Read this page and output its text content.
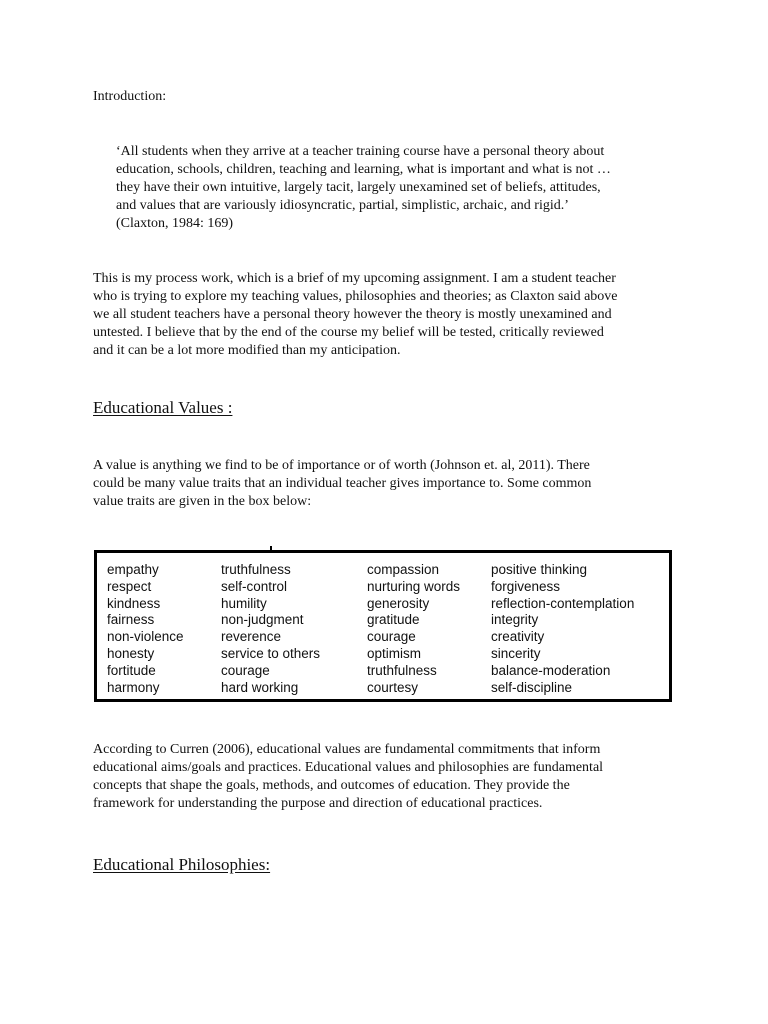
Introduction:
‘All students when they arrive at a teacher training course have a personal theory about
education, schools, children, teaching and learning, what is important and what is not …
they have their own intuitive, largely tacit, largely unexamined set of beliefs, attitudes,
and values that are variously idiosyncratic, partial, simplistic, archaic, and rigid.’
(Claxton, 1984: 169)
This is my process work, which is a brief of my upcoming assignment. I am a student teacher
who is trying to explore my teaching values, philosophies and theories; as Claxton said above
we all student teachers have a personal theory however the theory is mostly unexamined and
untested. I believe that by the end of the course my belief will be tested, critically reviewed
and it can be a lot more modified than my anticipation.
Educational Values :
A value is anything we find to be of importance or of worth (Johnson et. al, 2011). There
could be many value traits that an individual teacher gives importance to. Some common
value traits are given in the box below:
empathy
respect
kindness
fairness
non-violence
honesty
fortitude
harmony
truthfulness
self-control
humility
non-judgment
reverence
service to others
courage
hard working
compassion
nurturing words
generosity
gratitude
courage
optimism
truthfulness
courtesy
positive thinking
forgiveness
reflection-contemplation
integrity
creativity
sincerity
balance-moderation
self-discipline
According to Curren (2006), educational values are fundamental commitments that inform
educational aims/goals and practices. Educational values and philosophies are fundamental
concepts that shape the goals, methods, and outcomes of education. They provide the
framework for understanding the purpose and direction of educational practices.
Educational Philosophies:
